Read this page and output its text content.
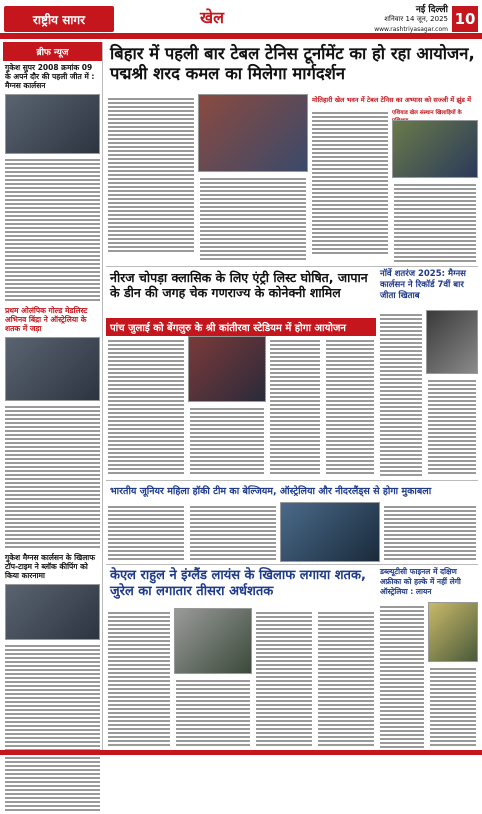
राष्ट्रीय सागर	खेल	नई दिल्ली
शनिवार 14 जून, 2025 10
www.rashtriyasagar.com
ब्रीफ न्यूज
गुकेश सुपर 2008 क्रमांक 09 के अपने दौर की पहली जीत में : मैग्नस कार्लसन
प्रथम ओलंपिक गोल्ड मेडलिस्ट अभिनव बिंद्रा ने ऑस्ट्रेलिया के शतक में जड़ा
गुकेश मैग्नस कार्लसन के खिलाफ टॉप-टाइम ने ब्लॉक कीपिंग को किया कारनामा
बिहार में पहली बार टेबल टेनिस टूर्नामेंट का हो रहा आयोजन, पद्मश्री शरद कमल का मिलेगा मार्गदर्शन
मोतिहारी खेल भवन में टेबल टेनिस का अभ्यास को सज्जी में झुंड में
एशियाड खेल संस्थान खिलाड़ियों के
नीरज चोपड़ा क्लासिक के लिए एंट्री लिस्ट घोषित, जापान के डीन की जगह चेक गणराज्य के कोनेक्नी शामिल
पांच जुलाई को बेंगलुरु के श्री कांतीरवा स्टेडियम में होगा आयोजन
नॉर्वे शतरंज 2025: मैग्नस कार्लसन ने रिकॉर्ड 7वीं बार जीता खिताब
भारतीय जूनियर महिला हॉकी टीम का बेल्जियम, ऑस्ट्रेलिया और नीदरलैंड्स से होगा मुकाबला
केएल राहुल ने इंग्लैंड लायंस के खिलाफ लगाया शतक, जुरेल का लगातार तीसरा अर्धशतक
डब्ल्यूटीसी फाइनल में दक्षिण अफ्रीका को हल्के में नहीं लेगी ऑस्ट्रेलिया : लायन
